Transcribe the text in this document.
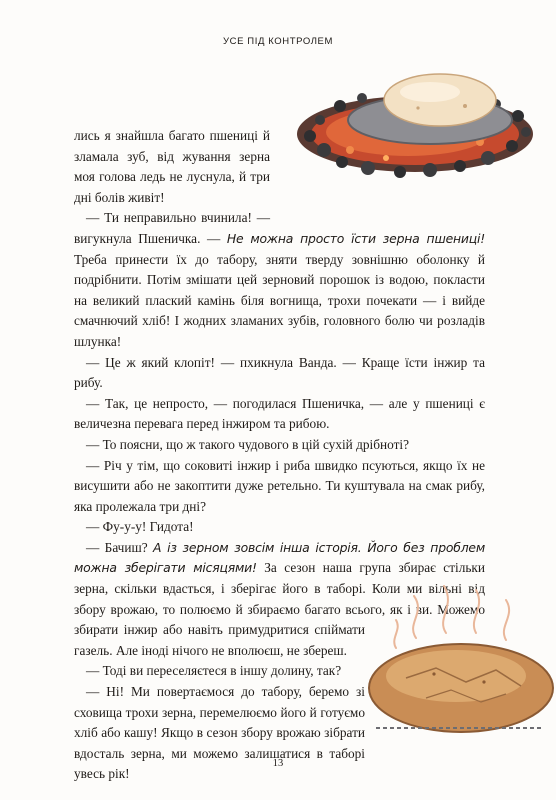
УСЕ ПІД КОНТРОЛЕМ

лись я знайшла багато пшениці й зламала зуб, від жування зерна моя голова ледь не луснула, й три дні болів живіт!

— Ти неправильно вчинила! — вигукнула Пшеничка. — Не можна просто їсти зерна пшениці! Треба принести їх до табору, зняти тверду зовнішню оболонку й подрібнити. Потім змішати цей зерновий порошок із водою, покласти на великий плаский камінь біля вогнища, трохи почекати — і вийде смачнючий хліб! І жодних зламаних зубів, головного болю чи розладів шлунка!

— Це ж який клопіт! — пхикнула Ванда. — Краще їсти інжир та рибу.

— Так, це непросто, — погодилася Пшеничка, — але у пшениці є величезна перевага перед інжиром та рибою.

— То поясни, що ж такого чудового в цій сухій дрібноті?

— Річ у тім, що соковиті інжир і риба швидко псуються, якщо їх не висушити або не закоптити дуже ретельно. Ти куштувала на смак рибу, яка пролежала три дні?

— Фу-у-у! Гидота!

— Бачиш? А із зерном зовсім інша історія. Його без проблем можна зберігати місяцями! За сезон наша група збирає стільки зерна, скільки вдасться, і зберігає його в таборі. Коли ми вільні від збору врожаю, то полюємо й збираємо багато всього, як і ви. Можемо збирати інжир або навіть примудритися спіймати газель. Але іноді нічого не вполюєш, не збереш.

— Тоді ви переселяєтеся в іншу долину, так?

— Ні! Ми повертаємося до табору, беремо зі сховища трохи зерна, перемелюємо його й готуємо хліб або кашу! Якщо в сезон збору врожаю зібрати вдосталь зерна, ми можемо залишатися в таборі увесь рік!

13
